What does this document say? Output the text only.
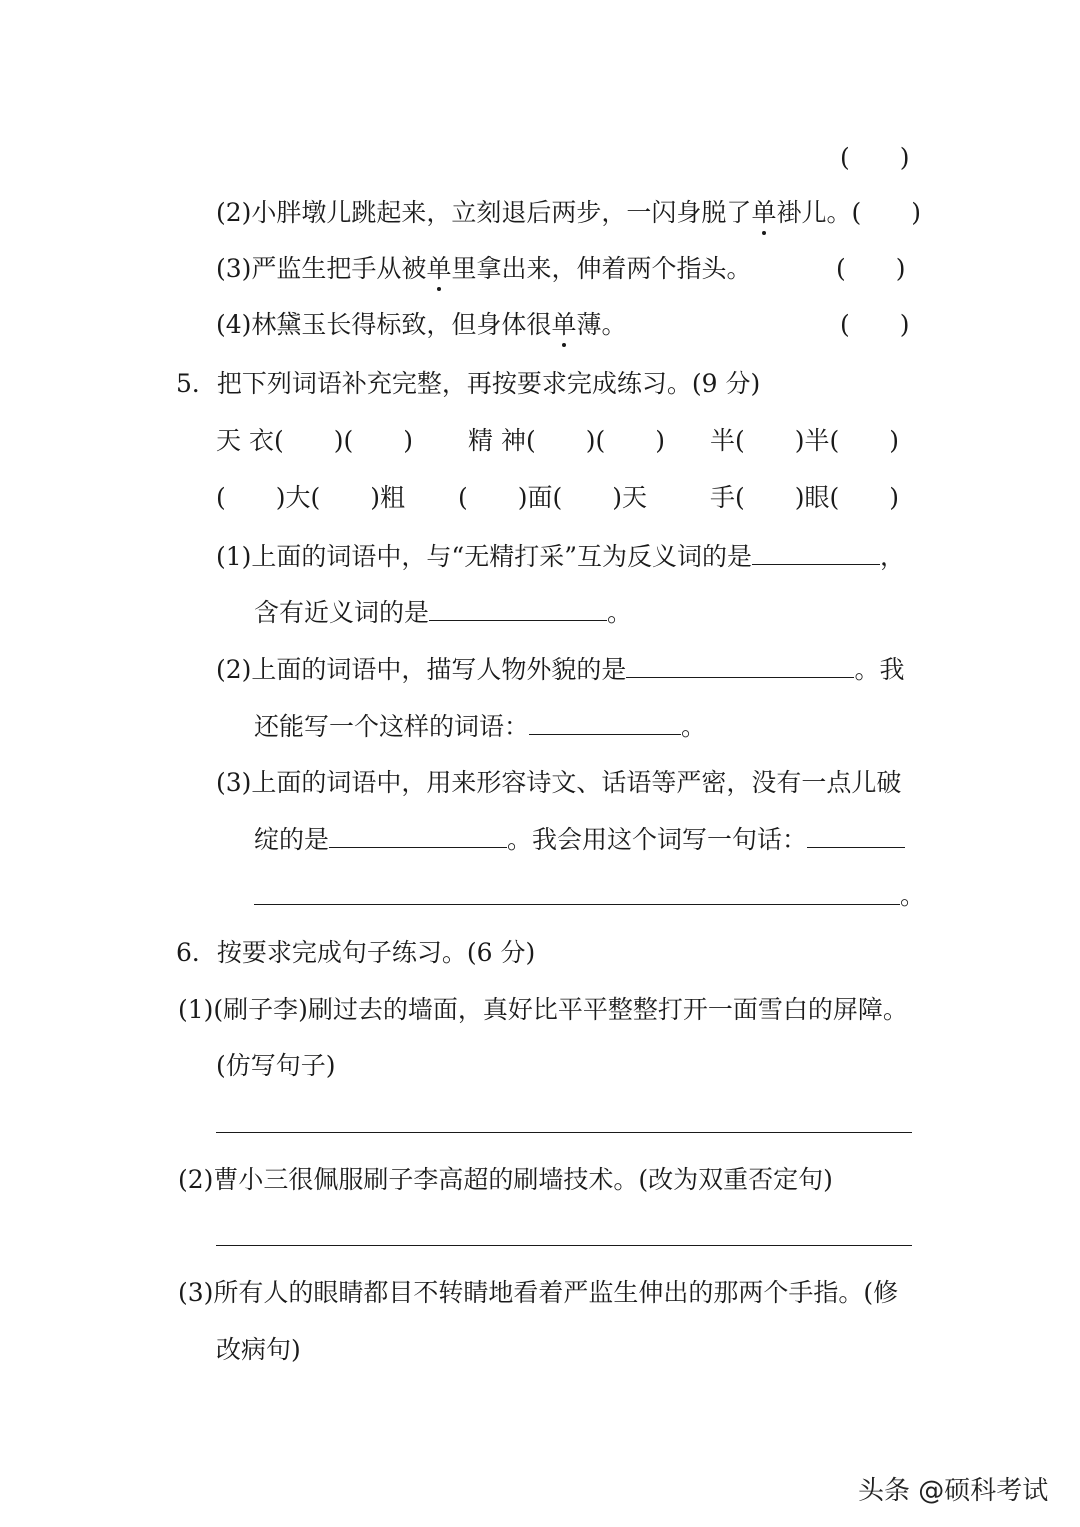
(　　)
(2)小胖墩儿跳起来，立刻退后两步，一闪身脱了单褂儿。(　　)
(3)严监生把手从被单里拿出来，伸着两个指头。	(　　)
(4)林黛玉长得标致，但身体很单薄。	(　　)
5．把下列词语补充完整，再按要求完成练习。(9 分)
天 衣(　　)(　　) 精 神(　　)(　　) 半(　　)半(　　)
(　　)大(　　)粗 (　　)面(　　)天	手(　　)眼(　　)
(1)上面的词语中，与“无精打采”互为反义词的是	，
含有近义词的是	。
(2)上面的词语中，描写人物外貌的是	。我
还能写一个这样的词语：	。
(3)上面的词语中，用来形容诗文、话语等严密，没有一点儿破
绽的是	。我会用这个词写一句话：
。
6．按要求完成句子练习。(6 分)
(1)(刷子李)刷过去的墙面，真好比平平整整打开一面雪白的屏障。
(仿写句子)
(2)曹小三很佩服刷子李高超的刷墙技术。(改为双重否定句)
(3)所有人的眼睛都目不转睛地看着严监生伸出的那两个手指。(修
改病句)
头条 @硕科考试
